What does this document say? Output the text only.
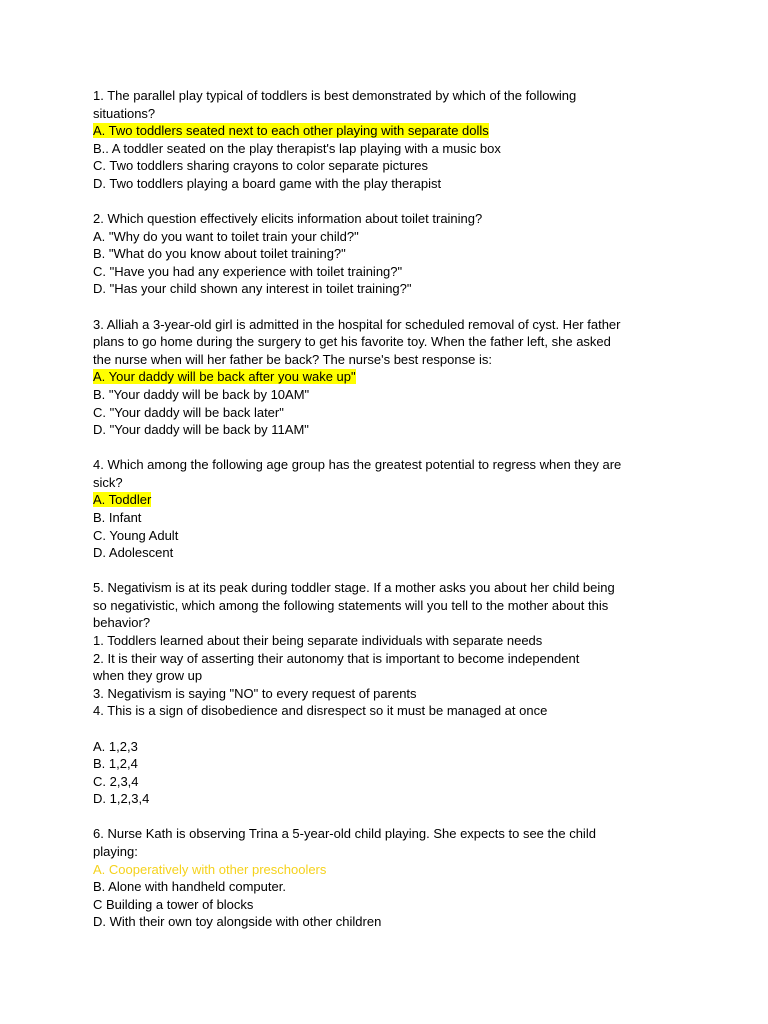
1. The parallel play typical of toddlers is best demonstrated by which of the following
situations?
A. Two toddlers seated next to each other playing with separate dolls
B.. A toddler seated on the play therapist's lap playing with a music box
C. Two toddlers sharing crayons to color separate pictures
D. Two toddlers playing a board game with the play therapist
2. Which question effectively elicits information about toilet training?
A. "Why do you want to toilet train your child?"
B. "What do you know about toilet training?"
C. "Have you had any experience with toilet training?"
D. "Has your child shown any interest in toilet training?"
3. Alliah a 3-year-old girl is admitted in the hospital for scheduled removal of cyst. Her father
plans to go home during the surgery to get his favorite toy. When the father left, she asked
the nurse when will her father be back? The nurse's best response is:
A. Your daddy will be back after you wake up"
B. "Your daddy will be back by 10AM"
C. "Your daddy will be back later"
D. "Your daddy will be back by 11AM"
4. Which among the following age group has the greatest potential to regress when they are
sick?
A. Toddler
B. Infant
C. Young Adult
D. Adolescent
5. Negativism is at its peak during toddler stage. If a mother asks you about her child being
so negativistic, which among the following statements will you tell to the mother about this
behavior?
1. Toddlers learned about their being separate individuals with separate needs
2. It is their way of asserting their autonomy that is important to become independent
when they grow up
3. Negativism is saying "NO" to every request of parents
4. This is a sign of disobedience and disrespect so it must be managed at once
A. 1,2,3
B. 1,2,4
C. 2,3,4
D. 1,2,3,4
6. Nurse Kath is observing Trina a 5-year-old child playing. She expects to see the child
playing:
A. Cooperatively with other preschoolers
B. Alone with handheld computer.
C Building a tower of blocks
D. With their own toy alongside with other children
